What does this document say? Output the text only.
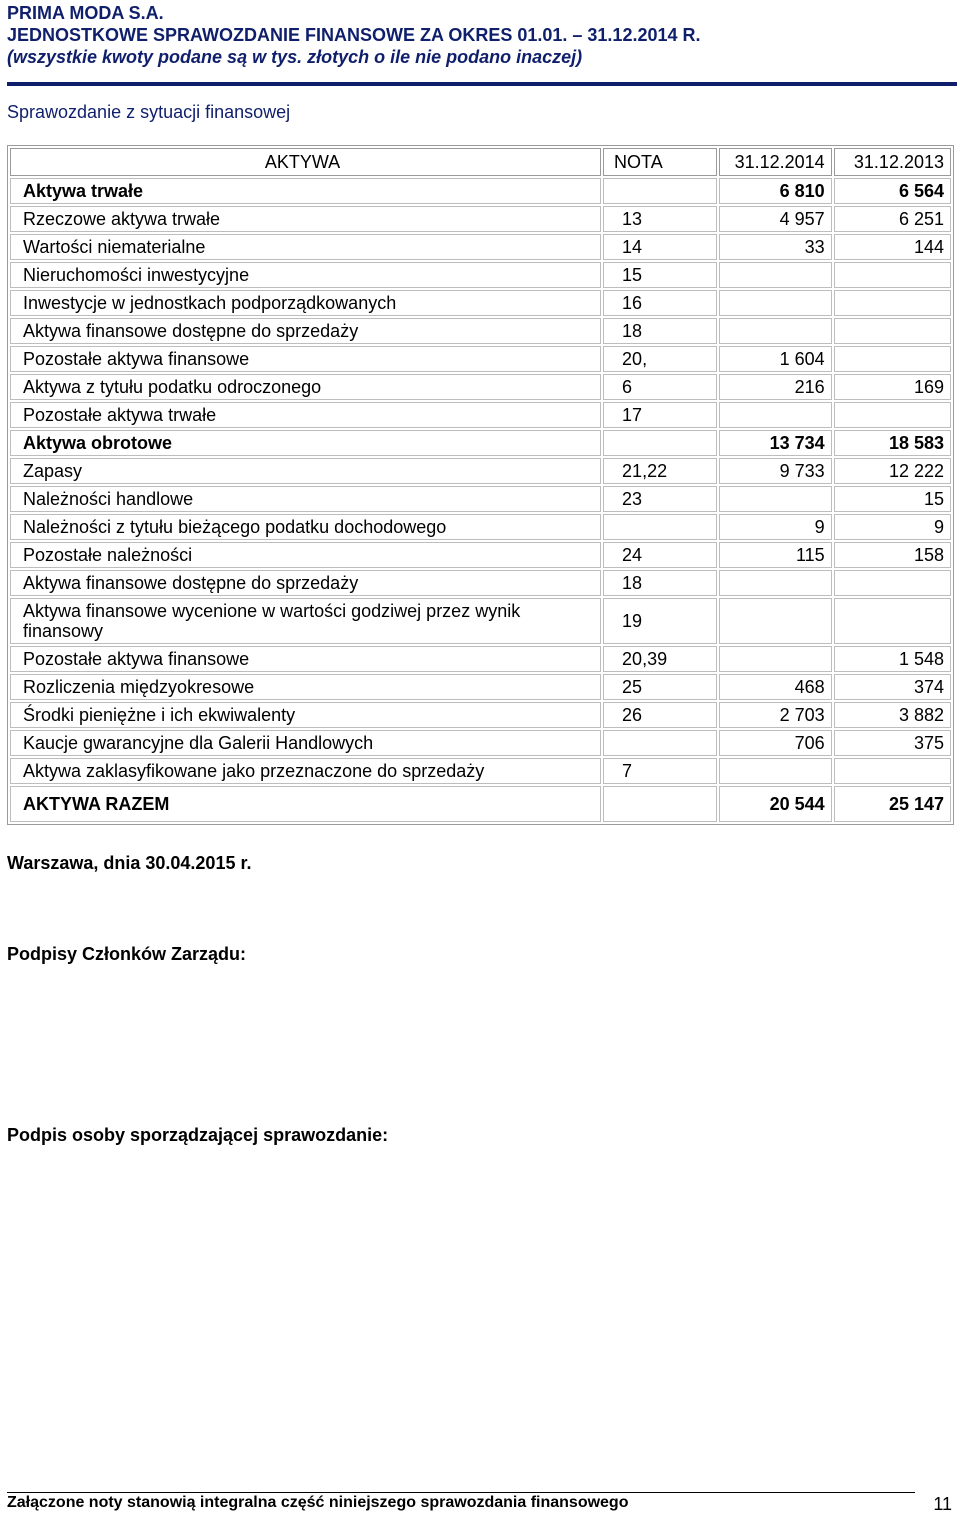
PRIMA MODA S.A.
JEDNOSTKOWE SPRAWOZDANIE FINANSOWE ZA OKRES 01.01. – 31.12.2014 R.
(wszystkie kwoty podane są w tys. złotych o ile nie podano inaczej)
Sprawozdanie z sytuacji finansowej
AKTYWA	NOTA	31.12.2014	31.12.2013
Aktywa trwałe		6 810	6 564
Rzeczowe aktywa trwałe	13	4 957	6 251
Wartości niematerialne	14	33	144
Nieruchomości inwestycyjne	15		
Inwestycje w jednostkach podporządkowanych	16		
Aktywa finansowe dostępne do sprzedaży	18		
Pozostałe aktywa finansowe	20,	1 604	
Aktywa z tytułu podatku odroczonego	6	216	169
Pozostałe aktywa trwałe	17		
Aktywa obrotowe		13 734	18 583
Zapasy	21,22	9 733	12 222
Należności handlowe	23		15
Należności z tytułu bieżącego podatku dochodowego		9	9
Pozostałe należności	24	115	158
Aktywa finansowe dostępne do sprzedaży	18		
Aktywa finansowe wycenione w wartości godziwej przez wynik finansowy	19		
Pozostałe aktywa finansowe	20,39		1 548
Rozliczenia międzyokresowe	25	468	374
Środki pieniężne i ich ekwiwalenty	26	2 703	3 882
Kaucje gwarancyjne dla Galerii Handlowych		706	375
Aktywa zaklasyfikowane jako przeznaczone do sprzedaży	7		
AKTYWA RAZEM		20 544	25 147
Warszawa, dnia 30.04.2015 r.
Podpisy Członków Zarządu:
Podpis osoby sporządzającej sprawozdanie:
Załączone noty stanowią integralna część niniejszego sprawozdania finansowego	11
